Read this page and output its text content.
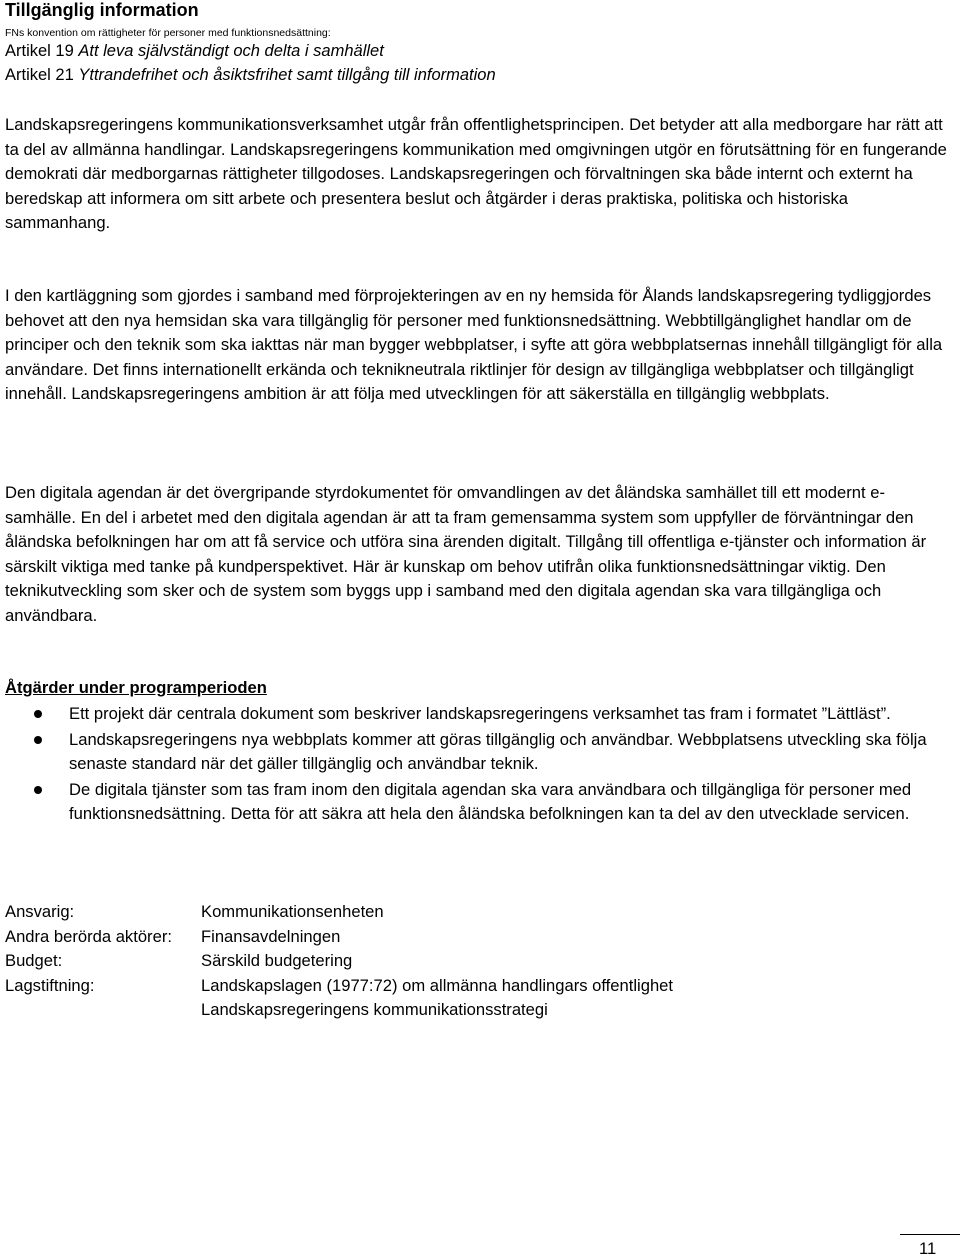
Tillgänglig information
FNs konvention om rättigheter för personer med funktionsnedsättning:
Artikel 19 Att leva självständigt och delta i samhället
Artikel 21 Yttrandefrihet och åsiktsfrihet samt tillgång till information

Landskapsregeringens kommunikationsverksamhet utgår från offentlighetsprincipen. Det betyder att alla medborgare har rätt att ta del av allmänna handlingar. Landskapsregeringens kommunikation med omgivningen utgör en förutsättning för en fungerande demokrati där medborgarnas rättigheter tillgodoses. Landskapsregeringen och förvaltningen ska både internt och externt ha beredskap att informera om sitt arbete och presentera beslut och åtgärder i deras praktiska, politiska och historiska sammanhang.

I den kartläggning som gjordes i samband med förprojekteringen av en ny hemsida för Ålands landskapsregering tydliggjordes behovet att den nya hemsidan ska vara tillgänglig för personer med funktionsnedsättning. Webbtillgänglighet handlar om de principer och den teknik som ska iakttas när man bygger webbplatser, i syfte att göra webbplatsernas innehåll tillgängligt för alla användare. Det finns internationellt erkända och teknikneutrala riktlinjer för design av tillgängliga webbplatser och tillgängligt innehåll. Landskapsregeringens ambition är att följa med utvecklingen för att säkerställa en tillgänglig webbplats.

Den digitala agendan är det övergripande styrdokumentet för omvandlingen av det åländska samhället till ett modernt e-samhälle. En del i arbetet med den digitala agendan är att ta fram gemensamma system som uppfyller de förväntningar den åländska befolkningen har om att få service och utföra sina ärenden digitalt. Tillgång till offentliga e-tjänster och information är särskilt viktiga med tanke på kundperspektivet. Här är kunskap om behov utifrån olika funktionsnedsättningar viktig. Den teknikutveckling som sker och de system som byggs upp i samband med den digitala agendan ska vara tillgängliga och användbara.

Åtgärder under programperioden
Ett projekt där centrala dokument som beskriver landskapsregeringens verksamhet tas fram i formatet ”Lättläst”.
Landskapsregeringens nya webbplats kommer att göras tillgänglig och användbar. Webbplatsens utveckling ska följa senaste standard när det gäller tillgänglig och användbar teknik.
De digitala tjänster som tas fram inom den digitala agendan ska vara användbara och tillgängliga för personer med funktionsnedsättning. Detta för att säkra att hela den åländska befolkningen kan ta del av den utvecklade servicen.
Ansvarig:	Kommunikationsenheten
Andra berörda aktörer:	Finansavdelningen
Budget:	Särskild budgetering
Lagstiftning:	Landskapslagen (1977:72) om allmänna handlingars offentlighet
Landskapsregeringens kommunikationsstrategi
11
